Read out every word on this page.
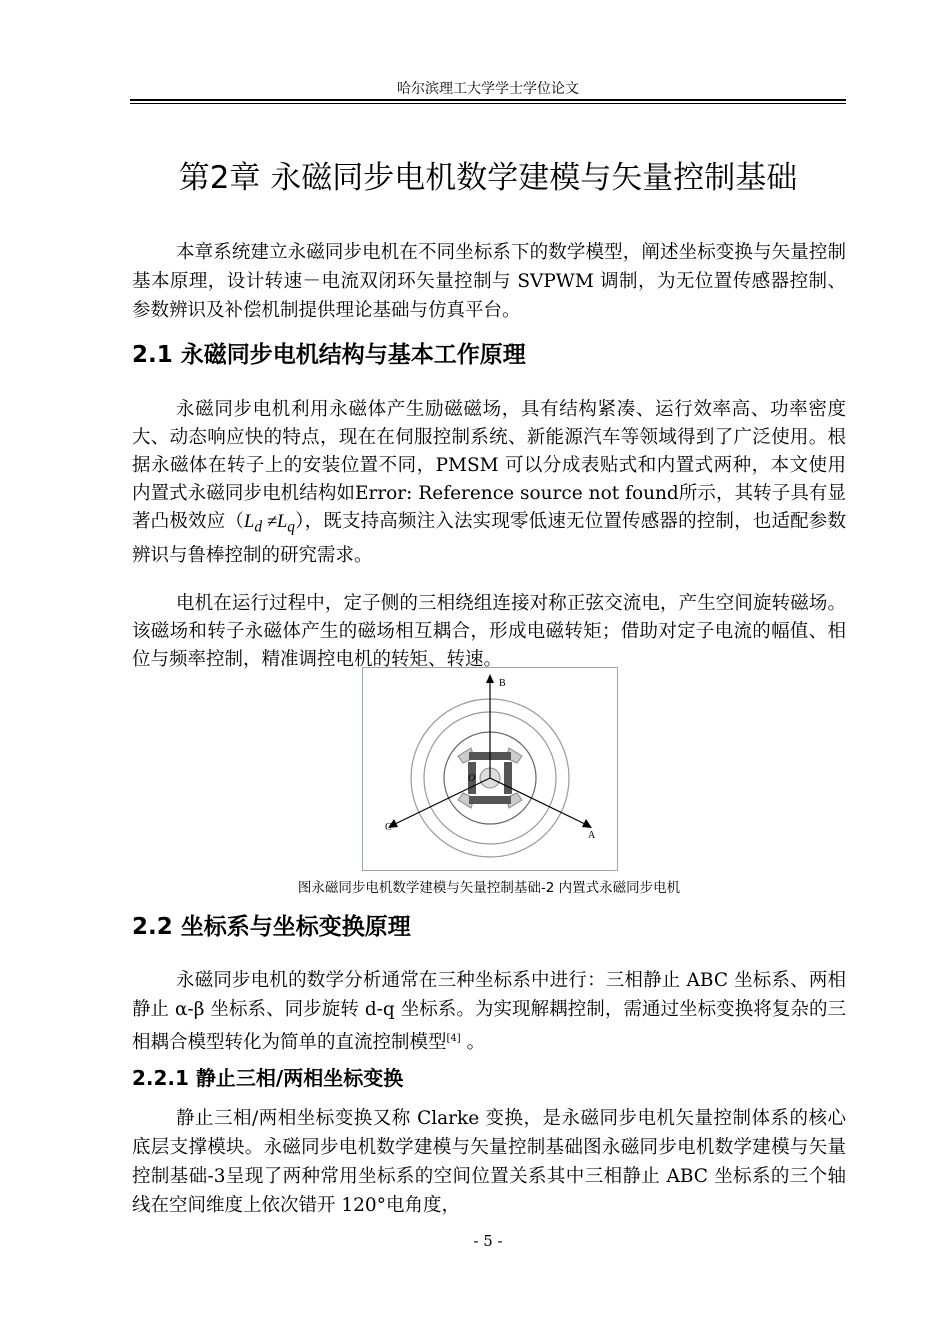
哈尔滨理工大学学士学位论文
第2章 永磁同步电机数学建模与矢量控制基础

本章系统建立永磁同步电机在不同坐标系下的数学模型，阐述坐标变换与矢量控制基本原理，设计转速－电流双闭环矢量控制与 SVPWM 调制，为无位置传感器控制、参数辨识及补偿机制提供理论基础与仿真平台。

2.1 永磁同步电机结构与基本工作原理

永磁同步电机利用永磁体产生励磁磁场，具有结构紧凑、运行效率高、功率密度大、动态响应快的特点，现在在伺服控制系统、新能源汽车等领域得到了广泛使用。根据永磁体在转子上的安装位置不同，PMSM 可以分成表贴式和内置式两种，本文使用内置式永磁同步电机结构如Error: Reference source not found所示，其转子具有显著凸极效应$(L_d \ne L_q)$，既支持高频注入法实现零低速无位置传感器的控制，也适配参数辨识与鲁棒控制的研究需求。

电机在运行过程中，定子侧的三相绕组连接对称正弦交流电，产生空间旋转磁场。该磁场和转子永磁体产生的磁场相互耦合，形成电磁转矩；借助对定子电流的幅值、相位与频率控制，精准调控电机的转矩、转速。

B
A
C
O
图永磁同步电机数学建模与矢量控制基础-2 内置式永磁同步电机
2.2 坐标系与坐标变换原理

永磁同步电机的数学分析通常在三种坐标系中进行：三相静止 ABC 坐标系、两相静止 α-β 坐标系、同步旋转 d-q 坐标系。为实现解耦控制，需通过坐标变换将复杂的三相耦合模型转化为简单的直流控制模型[4] 。

2.2.1 静止三相/两相坐标变换

静止三相/两相坐标变换又称 Clarke 变换，是永磁同步电机矢量控制体系的核心底层支撑模块。永磁同步电机数学建模与矢量控制基础图永磁同步电机数学建模与矢量控制基础-3呈现了两种常用坐标系的空间位置关系其中三相静止 ABC 坐标系的三个轴线在空间维度上依次错开 120°电角度，

- 5 -
